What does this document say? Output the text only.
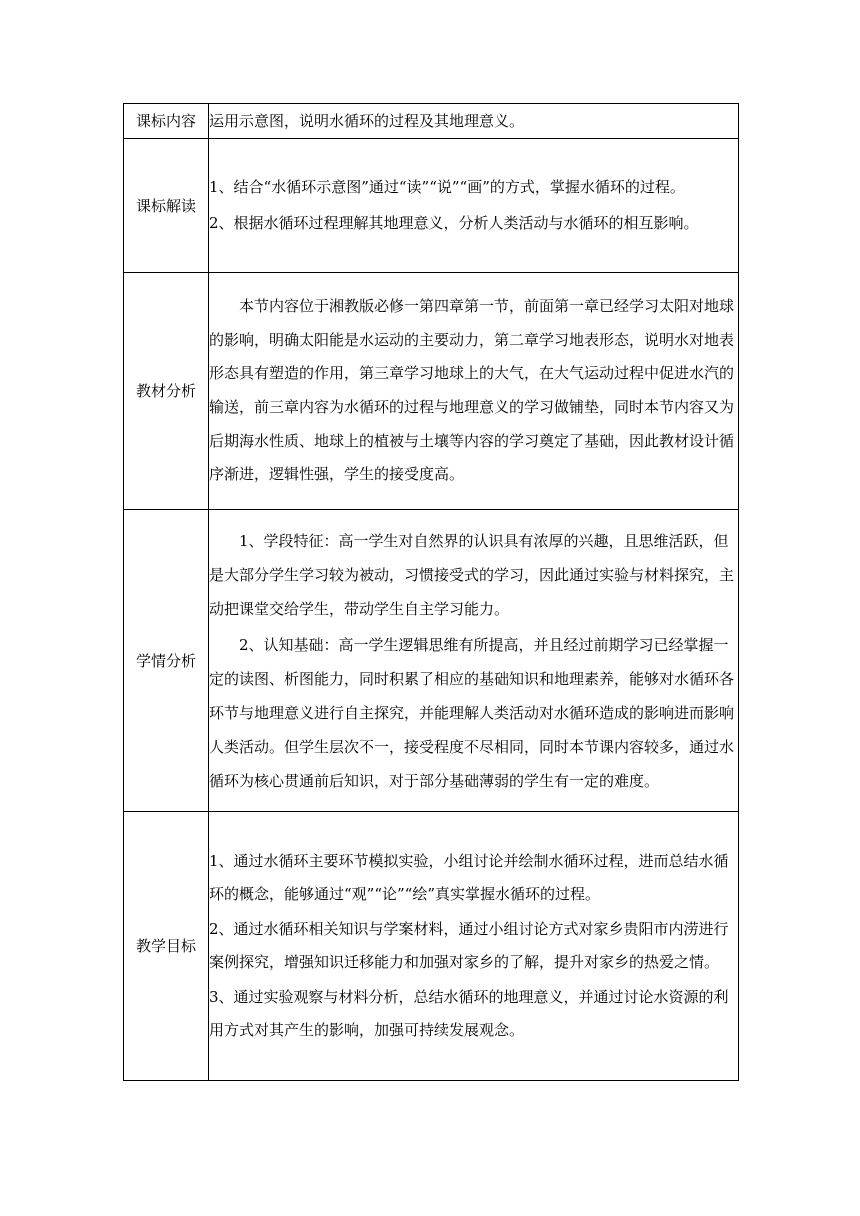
课标内容	运用示意图，说明水循环的过程及其地理意义。

课标解读	1、结合“水循环示意图”通过“读”“说”“画”的方式，掌握水循环的过程。

2、根据水循环过程理解其地理意义，分析人类活动与水循环的相互影响。

教材分析	本节内容位于湘教版必修一第四章第一节，前面第一章已经学习太阳对地球的影响，明确太阳能是水运动的主要动力，第二章学习地表形态，说明水对地表形态具有塑造的作用，第三章学习地球上的大气，在大气运动过程中促进水汽的输送，前三章内容为水循环的过程与地理意义的学习做铺垫，同时本节内容又为后期海水性质、地球上的植被与土壤等内容的学习奠定了基础，因此教材设计循序渐进，逻辑性强，学生的接受度高。

学情分析	1、学段特征：高一学生对自然界的认识具有浓厚的兴趣，且思维活跃，但是大部分学生学习较为被动，习惯接受式的学习，因此通过实验与材料探究，主动把课堂交给学生，带动学生自主学习能力。

2、认知基础：高一学生逻辑思维有所提高，并且经过前期学习已经掌握一定的读图、析图能力，同时积累了相应的基础知识和地理素养，能够对水循环各环节与地理意义进行自主探究，并能理解人类活动对水循环造成的影响进而影响人类活动。但学生层次不一，接受程度不尽相同，同时本节课内容较多，通过水循环为核心贯通前后知识，对于部分基础薄弱的学生有一定的难度。

教学目标	1、通过水循环主要环节模拟实验，小组讨论并绘制水循环过程，进而总结水循环的概念，能够通过“观”“论”“绘”真实掌握水循环的过程。

2、通过水循环相关知识与学案材料，通过小组讨论方式对家乡贵阳市内涝进行案例探究，增强知识迁移能力和加强对家乡的了解，提升对家乡的热爱之情。

3、通过实验观察与材料分析，总结水循环的地理意义，并通过讨论水资源的利用方式对其产生的影响，加强可持续发展观念。
